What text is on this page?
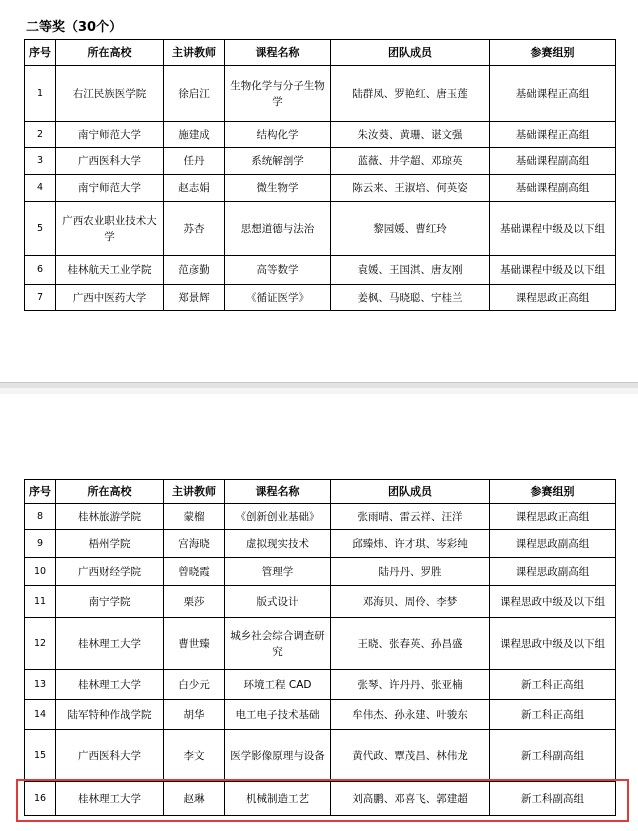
二等奖（30个）
序号	所在高校	主讲教师	课程名称	团队成员	参赛组别
1	右江民族医学院	徐启江	生物化学与分子生物学	陆群凤、罗艳红、唐玉莲	基础课程正高组
2	南宁师范大学	施建成	结构化学	朱汝葵、黄珊、谌文强	基础课程正高组
3	广西医科大学	任丹	系统解剖学	蓝薇、井学超、邓琼英	基础课程副高组
4	南宁师范大学	赵志娟	微生物学	陈云来、王淑培、何英姿	基础课程副高组
5	广西农业职业技术大学	苏杏	思想道德与法治	黎园媛、曹红玲	基础课程中级及以下组
6	桂林航天工业学院	范彦勤	高等数学	袁媛、王国淇、唐友刚	基础课程中级及以下组
7	广西中医药大学	郑景辉	《循证医学》	姜枫、马晓聪、宁桂兰	课程思政正高组
序号	所在高校	主讲教师	课程名称	团队成员	参赛组别
8	桂林旅游学院	蒙榴	《创新创业基础》	张雨晴、雷云祥、汪洋	课程思政正高组
9	梧州学院	宫海晓	虚拟现实技术	邱臻炜、许才琪、岑彩纯	课程思政副高组
10	广西财经学院	曾晓霞	管理学	陆丹丹、罗胜	课程思政副高组
11	南宁学院	栗莎	版式设计	邓海贝、周伶、李梦	课程思政中级及以下组
12	桂林理工大学	曹世臻	城乡社会综合调查研究	王晓、张春英、孙昌盛	课程思政中级及以下组
13	桂林理工大学	白少元	环境工程 CAD	张琴、许丹丹、张亚楠	新工科正高组
14	陆军特种作战学院	胡华	电工电子技术基础	牟伟杰、孙永建、叶骏东	新工科正高组
15	广西医科大学	李文	医学影像原理与设备	黄代政、覃茂昌、林伟龙	新工科副高组
16	桂林理工大学	赵琳	机械制造工艺	刘高鹏、邓喜飞、郭建超	新工科副高组
